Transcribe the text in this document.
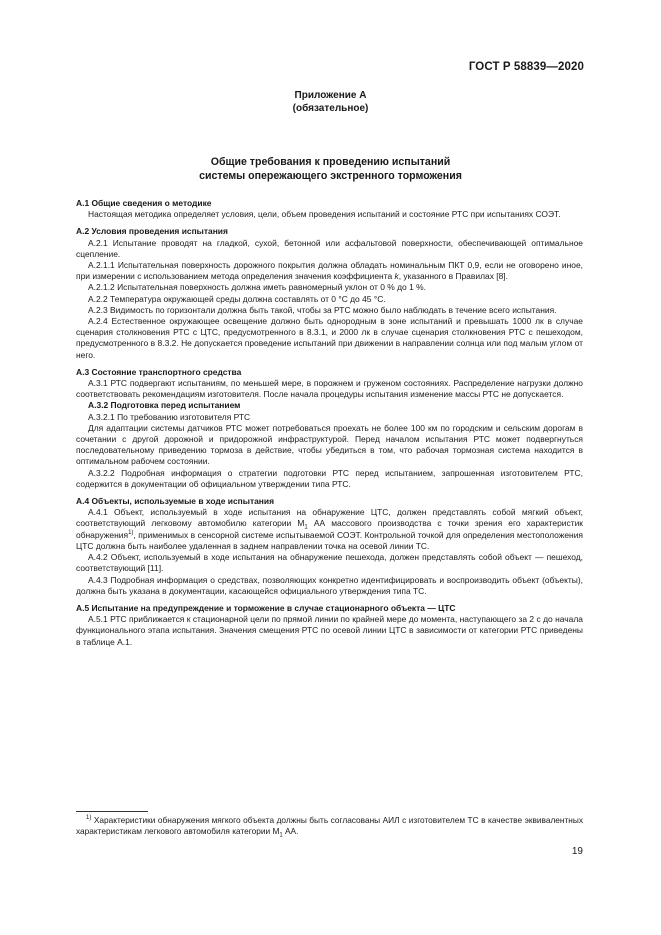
ГОСТ Р 58839—2020
Приложение А
(обязательное)
Общие требования к проведению испытаний
системы опережающего экстренного торможения
А.1 Общие сведения о методике

Настоящая методика определяет условия, цели, объем проведения испытаний и состояние РТС при испытаниях СОЭТ.

А.2 Условия проведения испытания

А.2.1 Испытание проводят на гладкой, сухой, бетонной или асфальтовой поверхности, обеспечивающей оптимальное сцепление.

А.2.1.1 Испытательная поверхность дорожного покрытия должна обладать номинальным ПКТ 0,9, если не оговорено иное, при измерении с использованием метода определения значения коэффициента k, указанного в Правилах [8].

А.2.1.2 Испытательная поверхность должна иметь равномерный уклон от 0 % до 1 %.

А.2.2 Температура окружающей среды должна составлять от 0 °С до 45 °С.

А.2.3 Видимость по горизонтали должна быть такой, чтобы за РТС можно было наблюдать в течение всего испытания.

А.2.4 Естественное окружающее освещение должно быть однородным в зоне испытаний и превышать 1000 лк в случае сценария столкновения РТС с ЦТС, предусмотренного в 8.3.1, и 2000 лк в случае сценария столкновения РТС с пешеходом, предусмотренного в 8.3.2. Не допускается проведение испытаний при движении в направлении солнца или под малым углом от него.

А.3 Состояние транспортного средства

А.3.1 РТС подвергают испытаниям, по меньшей мере, в порожнем и груженом состояниях. Распределение нагрузки должно соответствовать рекомендациям изготовителя. После начала процедуры испытания изменение массы РТС не допускается.

А.3.2 Подготовка перед испытанием

А.3.2.1 По требованию изготовителя РТС

Для адаптации системы датчиков РТС может потребоваться проехать не более 100 км по городским и сельским дорогам в сочетании с другой дорожной и придорожной инфраструктурой. Перед началом испытания РТС может подвергнуться последовательному приведению тормоза в действие, чтобы убедиться в том, что рабочая тормозная система находится в оптимальном рабочем состоянии.

А.3.2.2 Подробная информация о стратегии подготовки РТС перед испытанием, запрошенная изготовителем РТС, содержится в документации об официальном утверждении типа РТС.

А.4 Объекты, используемые в ходе испытания

А.4.1 Объект, используемый в ходе испытания на обнаружение ЦТС, должен представлять собой мягкий объект, соответствующий легковому автомобилю категории $М_1$ АА массового производства с точки зрения его характеристик обнаружения$^{1)}$, применимых в сенсорной системе испытываемой СОЭТ. Контрольной точкой для определения местоположения ЦТС должна быть наиболее удаленная в заднем направлении точка на осевой линии ТС.

А.4.2 Объект, используемый в ходе испытания на обнаружение пешехода, должен представлять собой объект — пешеход, соответствующий [11].

А.4.3 Подробная информация о средствах, позволяющих конкретно идентифицировать и воспроизводить объект (объекты), должна быть указана в документации, касающейся официального утверждения типа ТС.

А.5 Испытание на предупреждение и торможение в случае стационарного объекта — ЦТС

А.5.1 РТС приближается к стационарной цели по прямой линии по крайней мере до момента, наступающего за 2 с до начала функционального этапа испытания. Значения смещения РТС по осевой линии ЦТС в зависимости от категории РТС приведены в таблице А.1.

$^{1)}$ Характеристики обнаружения мягкого объекта должны быть согласованы АИЛ с изготовителем ТС в качестве эквивалентных характеристикам легкового автомобиля категории $М_1$ АА.
19
